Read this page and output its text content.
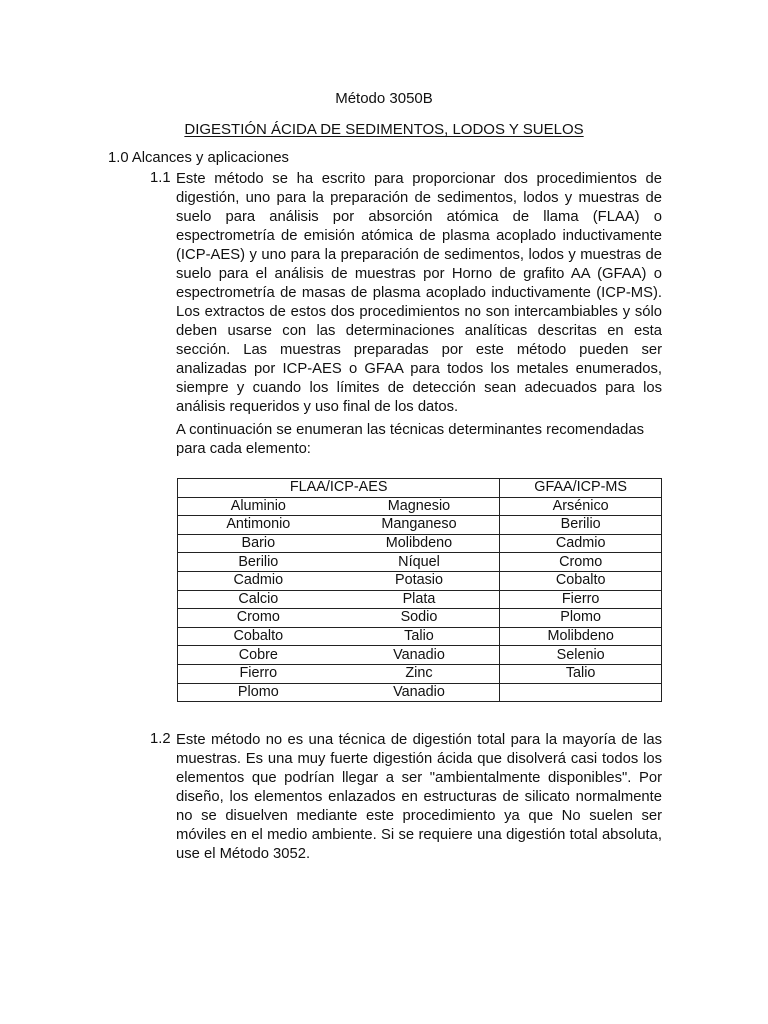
Método 3050B
DIGESTIÓN ÁCIDA DE SEDIMENTOS, LODOS Y SUELOS
1.0 Alcances y aplicaciones
1.1 Este método se ha escrito para proporcionar dos procedimientos de digestión, uno para la preparación de sedimentos, lodos y muestras de suelo para análisis por absorción atómica de llama (FLAA) o espectrometría de emisión atómica de plasma acoplado inductivamente (ICP-AES) y uno para la preparación de sedimentos, lodos y muestras de suelo para el análisis de muestras por Horno de grafito AA (GFAA) o espectrometría de masas de plasma acoplado inductivamente (ICP-MS). Los extractos de estos dos procedimientos no son intercambiables y sólo deben usarse con las determinaciones analíticas descritas en esta sección. Las muestras preparadas por este método pueden ser analizadas por ICP-AES o GFAA para todos los metales enumerados, siempre y cuando los límites de detección sean adecuados para los análisis requeridos y uso final de los datos.
A continuación se enumeran las técnicas determinantes recomendadas para cada elemento:
FLAA/ICP-AES		GFAA/ICP-MS
Aluminio	Magnesio	Arsénico
Antimonio	Manganeso	Berilio
Bario	Molibdeno	Cadmio
Berilio	Níquel	Cromo
Cadmio	Potasio	Cobalto
Calcio	Plata	Fierro
Cromo	Sodio	Plomo
Cobalto	Talio	Molibdeno
Cobre	Vanadio	Selenio
Fierro	Zinc	Talio
Plomo	Vanadio	
1.2 Este método no es una técnica de digestión total para la mayoría de las muestras. Es una muy fuerte digestión ácida que disolverá casi todos los elementos que podrían llegar a ser "ambientalmente disponibles". Por diseño, los elementos enlazados en estructuras de silicato normalmente no se disuelven mediante este procedimiento ya que No suelen ser móviles en el medio ambiente. Si se requiere una digestión total absoluta, use el Método 3052.
